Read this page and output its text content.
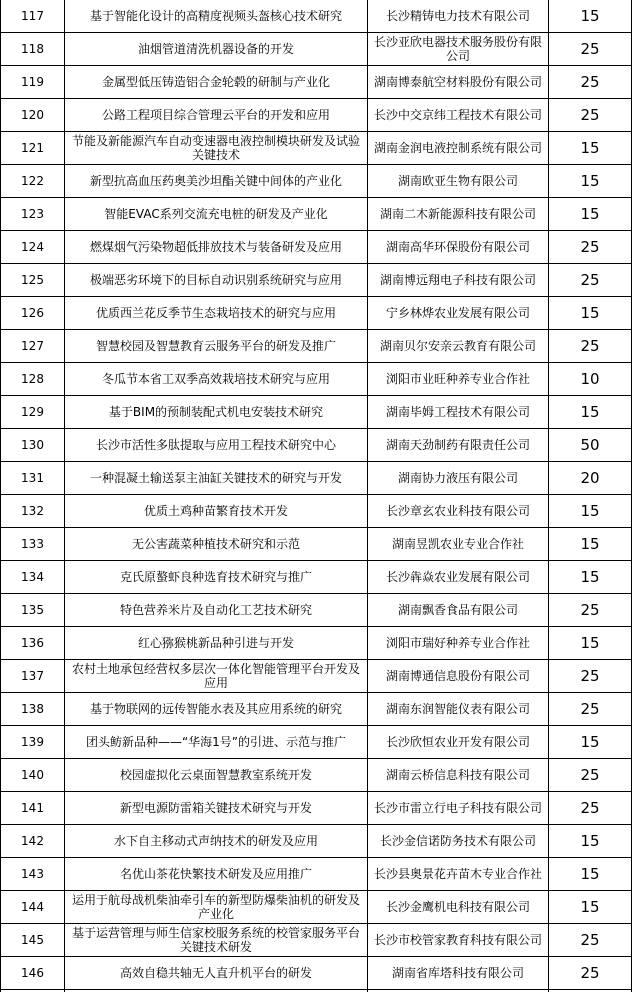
117	基于智能化设计的高精度视频头盔核心技术研究	长沙精铸电力技术有限公司	15
118	油烟管道清洗机器设备的开发	长沙亚欣电器技术服务股份有限公司	25
119	金属型低压铸造铝合金轮毂的研制与产业化	湖南博泰航空材料股份有限公司	25
120	公路工程项目综合管理云平台的开发和应用	长沙中交京纬工程技术有限公司	25
121	节能及新能源汽车自动变速器电液控制模块研发及试验关键技术	湖南金润电液控制系统有限公司	15
122	新型抗高血压药奥美沙坦酯关键中间体的产业化	湖南欧亚生物有限公司	15
123	智能EVAC系列交流充电桩的研发及产业化	湖南二木新能源科技有限公司	15
124	燃煤烟气污染物超低排放技术与装备研发及应用	湖南高华环保股份有限公司	25
125	极端恶劣环境下的目标自动识别系统研究与应用	湖南博远翔电子科技有限公司	25
126	优质西兰花反季节生态栽培技术的研究与应用	宁乡林烨农业发展有限公司	15
127	智慧校园及智慧教育云服务平台的研发及推广	湖南贝尔安亲云教育有限公司	25
128	冬瓜节本省工双季高效栽培技术研究与应用	浏阳市业旺种养专业合作社	10
129	基于BIM的预制装配式机电安装技术研究	湖南毕姆工程技术有限公司	15
130	长沙市活性多肽提取与应用工程技术研究中心	湖南天劲制药有限责任公司	50
131	一种混凝土输送泵主油缸关键技术的研究与开发	湖南协力液压有限公司	20
132	优质土鸡种苗繁育技术开发	长沙章玄农业科技有限公司	15
133	无公害蔬菜种植技术研究和示范	湖南昱凯农业专业合作社	15
134	克氏原螯虾良种选育技术研究与推广	长沙犇焱农业发展有限公司	15
135	特色营养米片及自动化工艺技术研究	湖南飘香食品有限公司	25
136	红心猕猴桃新品种引进与开发	浏阳市瑞好种养专业合作社	15
137	农村土地承包经营权多层次一体化智能管理平台开发及应用	湖南博通信息股份有限公司	25
138	基于物联网的远传智能水表及其应用系统的研究	湖南东润智能仪表有限公司	25
139	团头鲂新品种——“华海1号”的引进、示范与推广	长沙欣恒农业开发有限公司	15
140	校园虚拟化云桌面智慧教室系统开发	湖南云桥信息科技有限公司	25
141	新型电源防雷箱关键技术研究与开发	长沙市雷立行电子科技有限公司	25
142	水下自主移动式声纳技术的研发及应用	长沙金信诺防务技术有限公司	15
143	名优山茶花快繁技术研发及应用推广	长沙县奥景花卉苗木专业合作社	15
144	运用于航母战机柴油牵引车的新型防爆柴油机的研发及产业化	长沙金鹰机电科技有限公司	15
145	基于运营管理与师生信家校服务系统的校管家服务平台关键技术研发	长沙市校管家教育科技有限公司	25
146	高效自稳共轴无人直升机平台的研发	湖南省库塔科技有限公司	25
